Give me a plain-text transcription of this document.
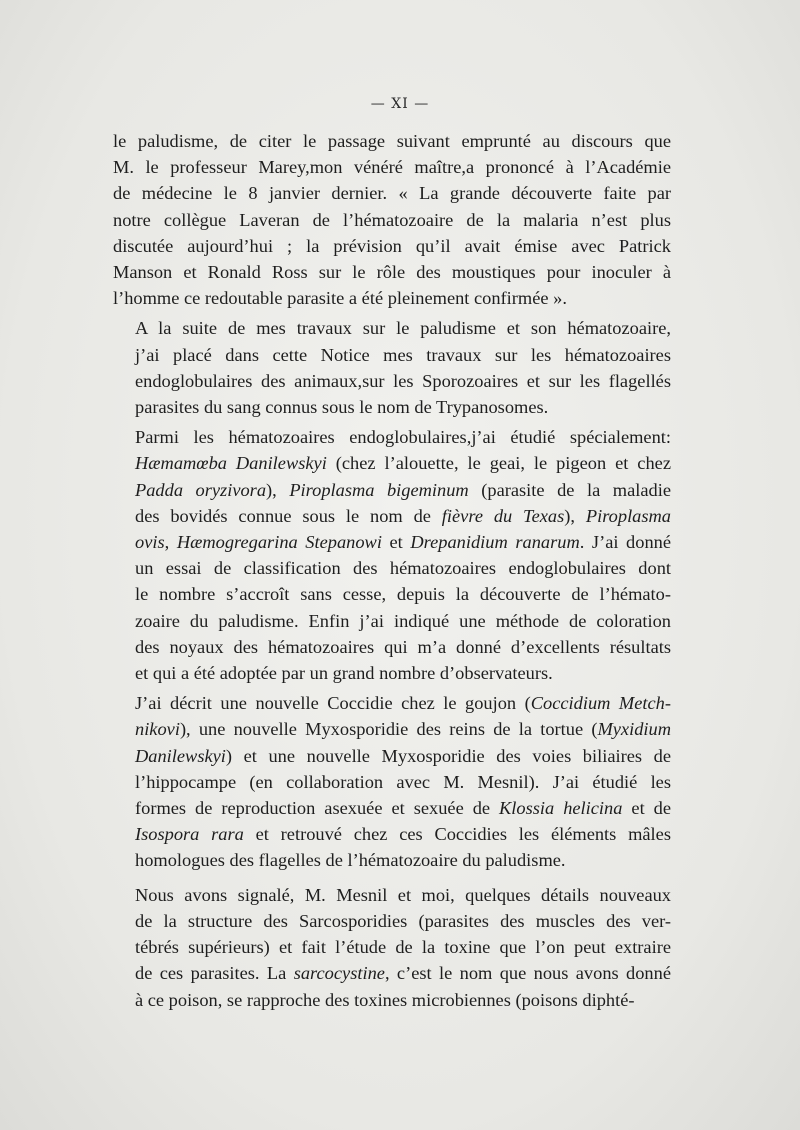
— XI —

le paludisme, de citer le passage suivant emprunté au discours que
M. le professeur Marey,mon vénéré maître,a prononcé à l’Académie
de médecine le 8 janvier dernier. « La grande découverte faite par
notre collègue Laveran de l’hématozoaire de la malaria n’est plus
discutée aujourd’hui ; la prévision qu’il avait émise avec Patrick
Manson et Ronald Ross sur le rôle des moustiques pour inoculer à
l’homme ce redoutable parasite a été pleinement confirmée ».

A la suite de mes travaux sur le paludisme et son hématozoaire,
j’ai placé dans cette Notice mes travaux sur les hématozoaires
endoglobulaires des animaux,sur les Sporozoaires et sur les flagellés
parasites du sang connus sous le nom de Trypanosomes.

Parmi les hématozoaires endoglobulaires,j’ai étudié spécialement:
Hæmamœba Danilewskyi (chez l’alouette, le geai, le pigeon et chez
Padda oryzivora), Piroplasma bigeminum (parasite de la maladie
des bovidés connue sous le nom de fièvre du Texas), Piroplasma
ovis, Hæmogregarina Stepanowi et Drepanidium ranarum. J’ai donné
un essai de classification des hématozoaires endoglobulaires dont
le nombre s’accroît sans cesse, depuis la découverte de l’hémato-
zoaire du paludisme. Enfin j’ai indiqué une méthode de coloration
des noyaux des hématozoaires qui m’a donné d’excellents résultats
et qui a été adoptée par un grand nombre d’observateurs.

J’ai décrit une nouvelle Coccidie chez le goujon (Coccidium Metch-
nikovi), une nouvelle Myxosporidie des reins de la tortue (Myxidium
Danilewskyi) et une nouvelle Myxosporidie des voies biliaires de
l’hippocampe (en collaboration avec M. Mesnil). J’ai étudié les
formes de reproduction asexuée et sexuée de Klossia helicina et de
Isospora rara et retrouvé chez ces Coccidies les éléments mâles
homologues des flagelles de l’hématozoaire du paludisme.

Nous avons signalé, M. Mesnil et moi, quelques détails nouveaux
de la structure des Sarcosporidies (parasites des muscles des ver-
tébrés supérieurs) et fait l’étude de la toxine que l’on peut extraire
de ces parasites. La sarcocystine, c’est le nom que nous avons donné
à ce poison, se rapproche des toxines microbiennes (poisons diphté-
